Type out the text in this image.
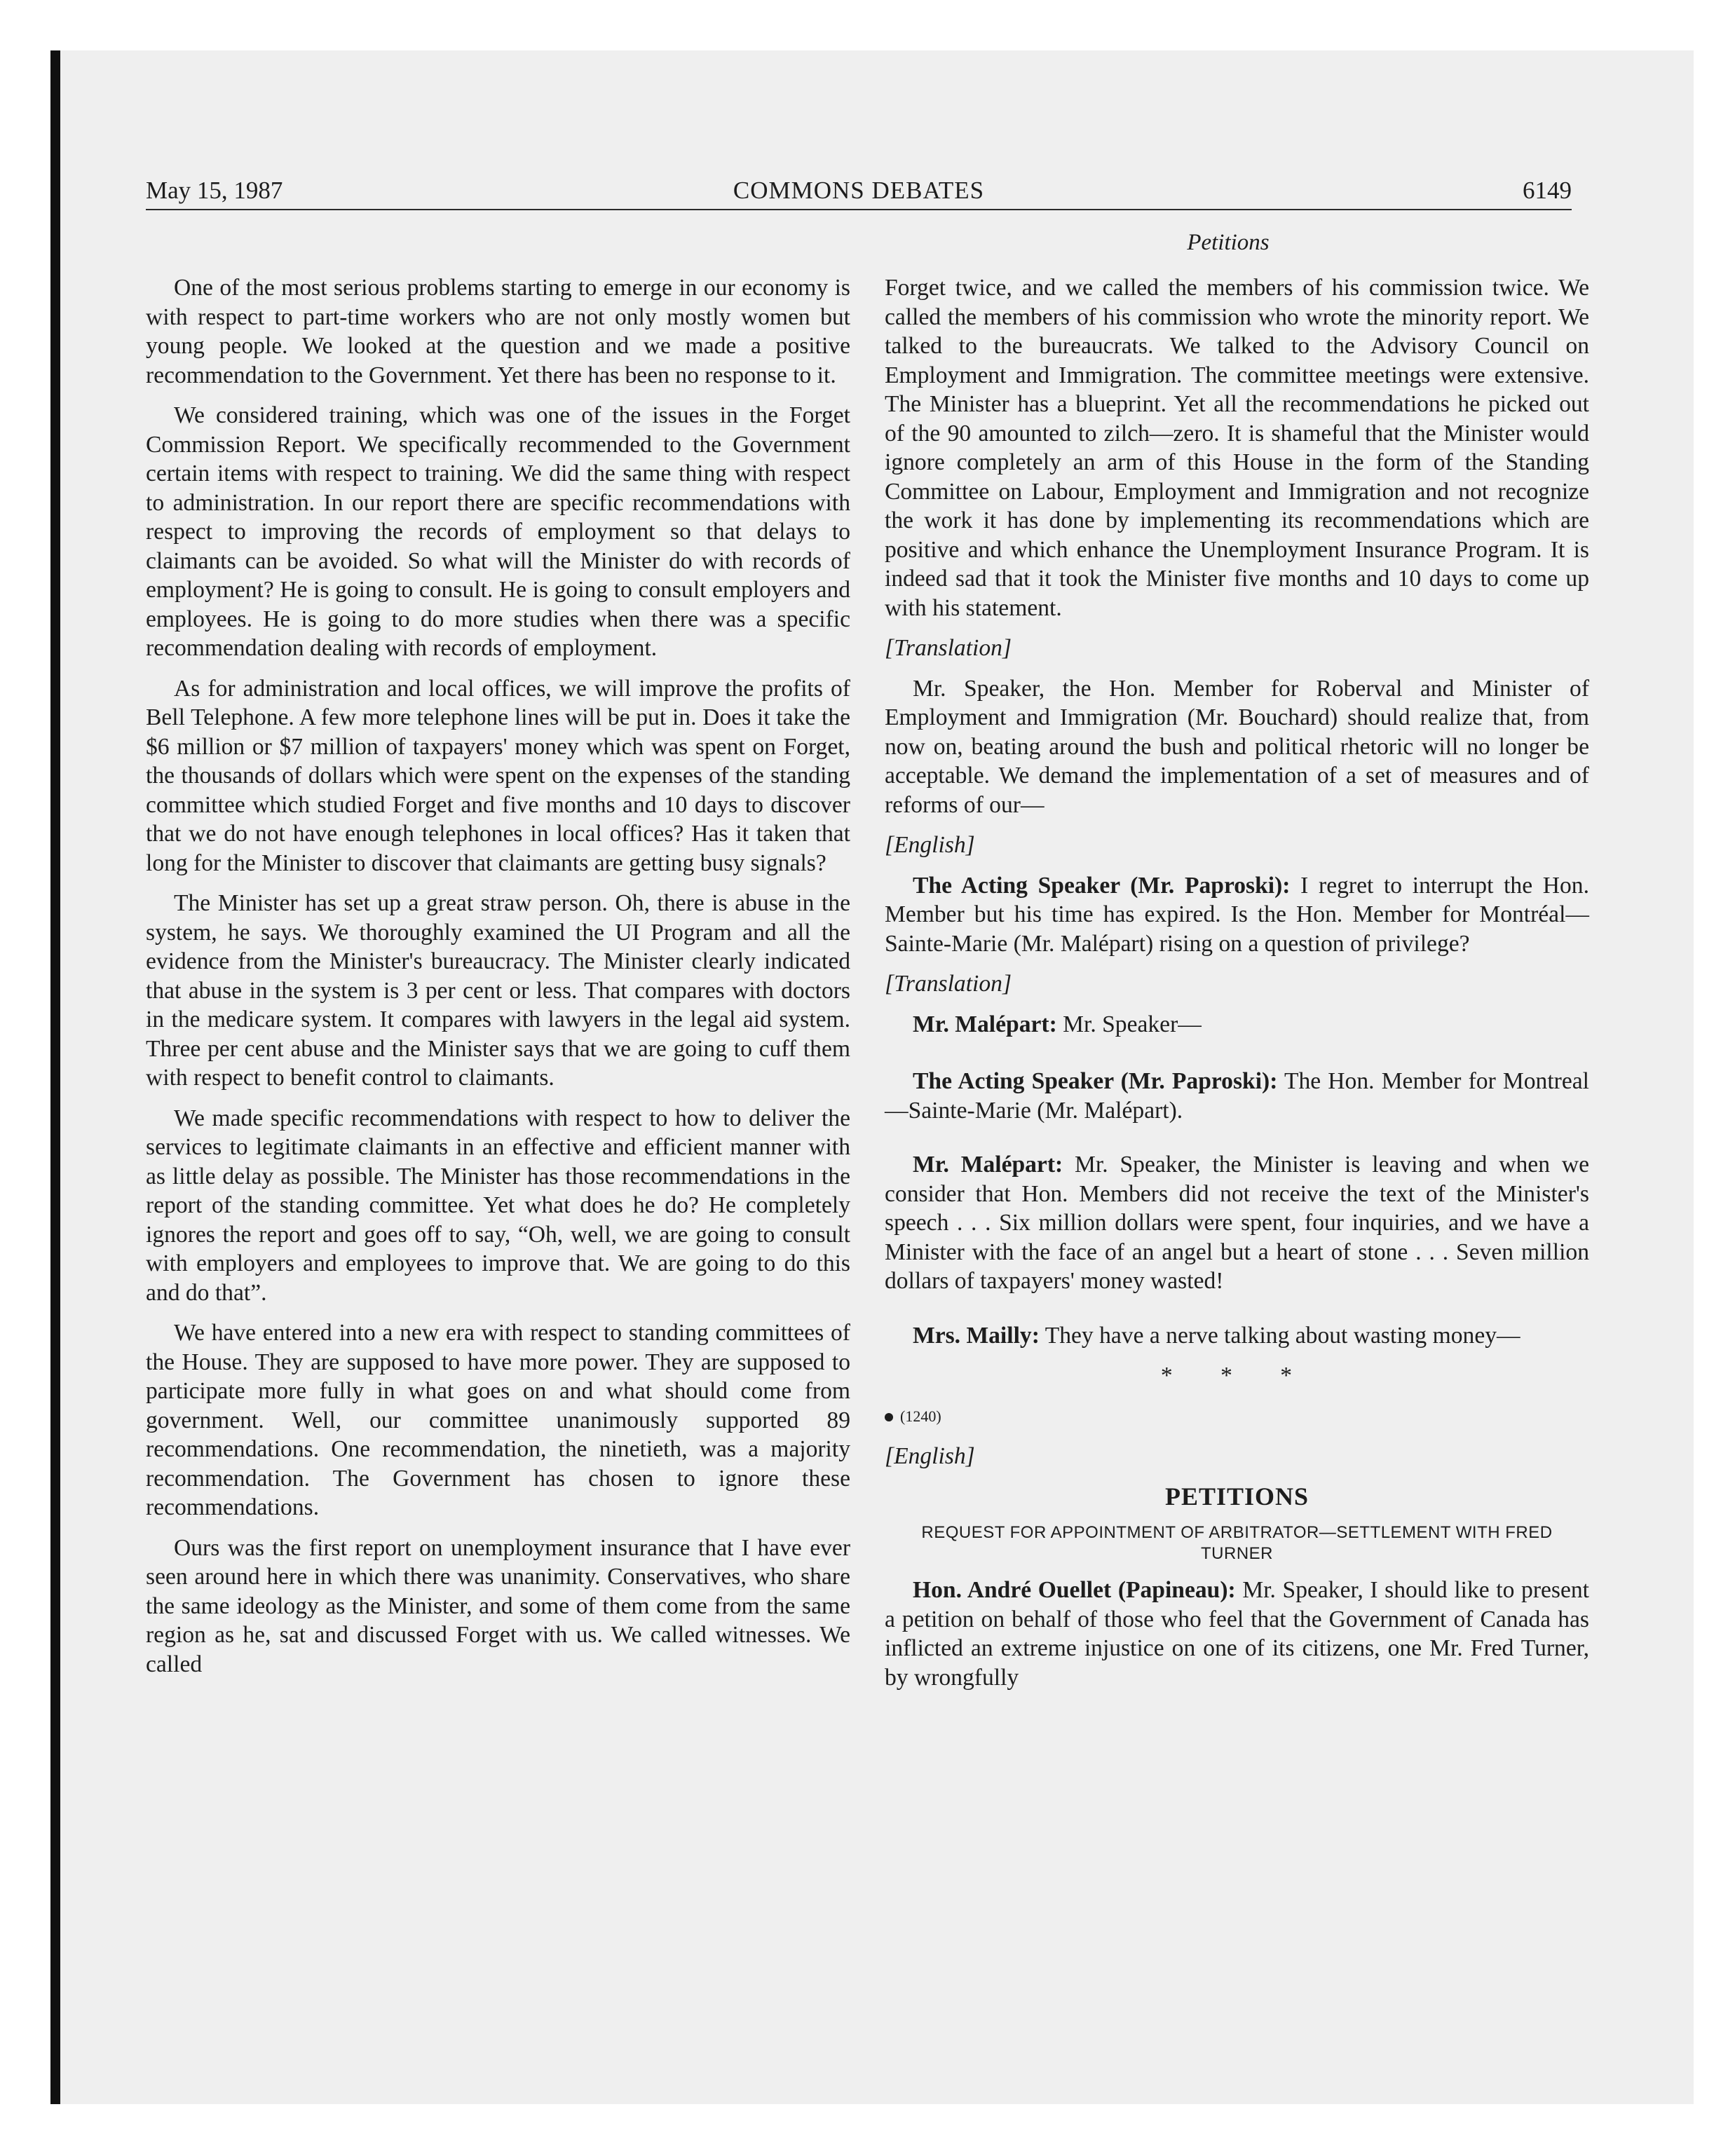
May 15, 1987	COMMONS DEBATES	6149
Petitions

One of the most serious problems starting to emerge in our economy is with respect to part-time workers who are not only mostly women but young people. We looked at the question and we made a positive recommendation to the Government. Yet there has been no response to it.

We considered training, which was one of the issues in the Forget Commission Report. We specifically recommended to the Government certain items with respect to training. We did the same thing with respect to administration. In our report there are specific recommendations with respect to improving the records of employment so that delays to claimants can be avoided. So what will the Minister do with records of employment? He is going to consult. He is going to consult employers and employees. He is going to do more studies when there was a specific recommendation dealing with records of employment.

As for administration and local offices, we will improve the profits of Bell Telephone. A few more telephone lines will be put in. Does it take the $6 million or $7 million of taxpayers' money which was spent on Forget, the thousands of dollars which were spent on the expenses of the standing committee which studied Forget and five months and 10 days to discover that we do not have enough telephones in local offices? Has it taken that long for the Minister to discover that claimants are getting busy signals?

The Minister has set up a great straw person. Oh, there is abuse in the system, he says. We thoroughly examined the UI Program and all the evidence from the Minister's bureaucracy. The Minister clearly indicated that abuse in the system is 3 per cent or less. That compares with doctors in the medicare system. It compares with lawyers in the legal aid system. Three per cent abuse and the Minister says that we are going to cuff them with respect to benefit control to claimants.

We made specific recommendations with respect to how to deliver the services to legitimate claimants in an effective and efficient manner with as little delay as possible. The Minister has those recommendations in the report of the standing committee. Yet what does he do? He completely ignores the report and goes off to say, “Oh, well, we are going to consult with employers and employees to improve that. We are going to do this and do that”.

We have entered into a new era with respect to standing committees of the House. They are supposed to have more power. They are supposed to participate more fully in what goes on and what should come from government. Well, our committee unanimously supported 89 recommendations. One recommendation, the ninetieth, was a majority recommendation. The Government has chosen to ignore these recommendations.

Ours was the first report on unemployment insurance that I have ever seen around here in which there was unanimity. Conservatives, who share the same ideology as the Minister, and some of them come from the same region as he, sat and discussed Forget with us. We called witnesses. We called

Forget twice, and we called the members of his commission twice. We called the members of his commission who wrote the minority report. We talked to the bureaucrats. We talked to the Advisory Council on Employment and Immigration. The committee meetings were extensive. The Minister has a blueprint. Yet all the recommendations he picked out of the 90 amounted to zilch—zero. It is shameful that the Minister would ignore completely an arm of this House in the form of the Standing Committee on Labour, Employment and Immigration and not recognize the work it has done by implementing its recommendations which are positive and which enhance the Unemployment Insurance Program. It is indeed sad that it took the Minister five months and 10 days to come up with his statement.

[Translation]

Mr. Speaker, the Hon. Member for Roberval and Minister of Employment and Immigration (Mr. Bouchard) should realize that, from now on, beating around the bush and political rhetoric will no longer be acceptable. We demand the implementation of a set of measures and of reforms of our—

[English]

The Acting Speaker (Mr. Paproski): I regret to interrupt the Hon. Member but his time has expired. Is the Hon. Member for Montréal—Sainte-Marie (Mr. Malépart) rising on a question of privilege?

[Translation]

Mr. Malépart: Mr. Speaker—

The Acting Speaker (Mr. Paproski): The Hon. Member for Montreal—Sainte-Marie (Mr. Malépart).

Mr. Malépart: Mr. Speaker, the Minister is leaving and when we consider that Hon. Members did not receive the text of the Minister's speech . . . Six million dollars were spent, four inquiries, and we have a Minister with the face of an angel but a heart of stone . . . Seven million dollars of taxpayers' money wasted!

Mrs. Mailly: They have a nerve talking about wasting money—

* * *

(1240)

[English]

PETITIONS

REQUEST FOR APPOINTMENT OF ARBITRATOR—SETTLEMENT WITH FRED TURNER

Hon. André Ouellet (Papineau): Mr. Speaker, I should like to present a petition on behalf of those who feel that the Government of Canada has inflicted an extreme injustice on one of its citizens, one Mr. Fred Turner, by wrongfully
